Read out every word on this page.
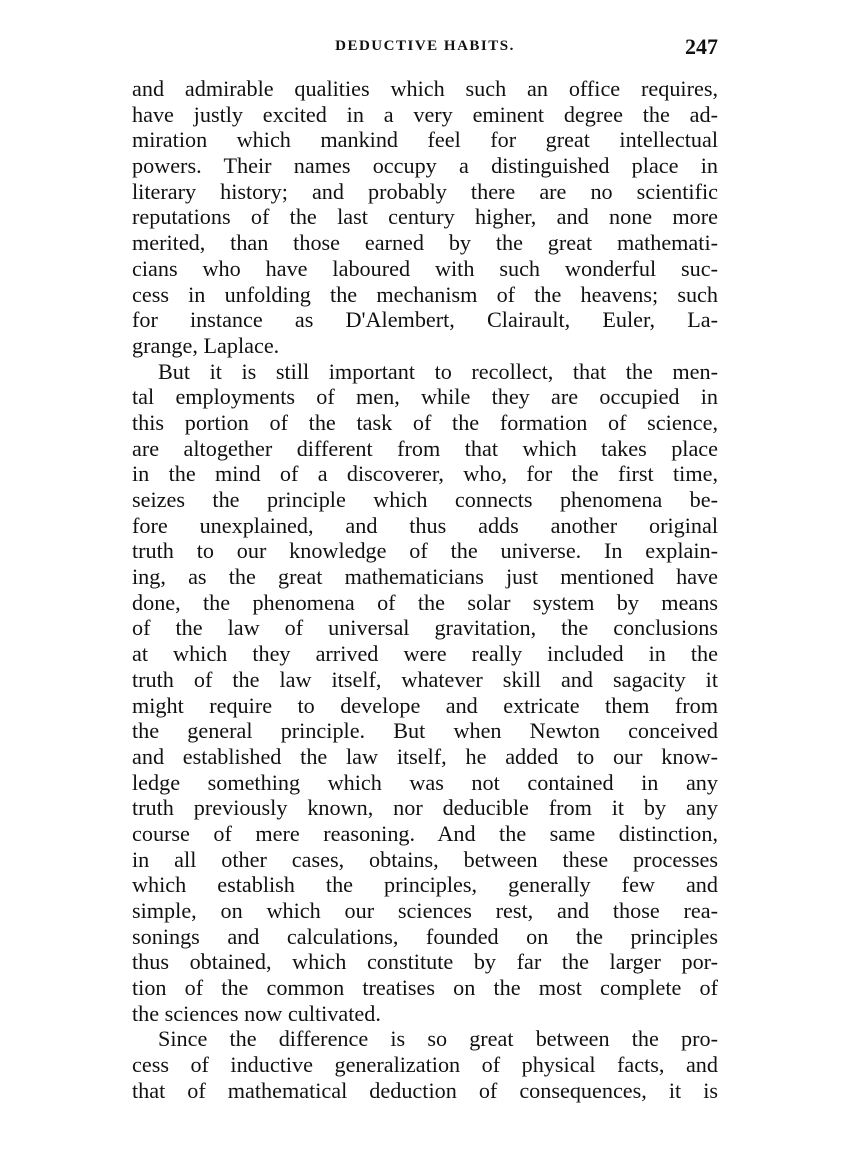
DEDUCTIVE HABITS.	247
and admirable qualities which such an office requires,
have justly excited in a very eminent degree the ad-
miration which mankind feel for great intellectual
powers. Their names occupy a distinguished place in
literary history; and probably there are no scientific
reputations of the last century higher, and none more
merited, than those earned by the great mathemati-
cians who have laboured with such wonderful suc-
cess in unfolding the mechanism of the heavens; such
for instance as D'Alembert, Clairault, Euler, La-
grange, Laplace.
But it is still important to recollect, that the men-
tal employments of men, while they are occupied in
this portion of the task of the formation of science,
are altogether different from that which takes place
in the mind of a discoverer, who, for the first time,
seizes the principle which connects phenomena be-
fore unexplained, and thus adds another original
truth to our knowledge of the universe. In explain-
ing, as the great mathematicians just mentioned have
done, the phenomena of the solar system by means
of the law of universal gravitation, the conclusions
at which they arrived were really included in the
truth of the law itself, whatever skill and sagacity it
might require to develope and extricate them from
the general principle. But when Newton conceived
and established the law itself, he added to our know-
ledge something which was not contained in any
truth previously known, nor deducible from it by any
course of mere reasoning. And the same distinction,
in all other cases, obtains, between these processes
which establish the principles, generally few and
simple, on which our sciences rest, and those rea-
sonings and calculations, founded on the principles
thus obtained, which constitute by far the larger por-
tion of the common treatises on the most complete of
the sciences now cultivated.
Since the difference is so great between the pro-
cess of inductive generalization of physical facts, and
that of mathematical deduction of consequences, it is
